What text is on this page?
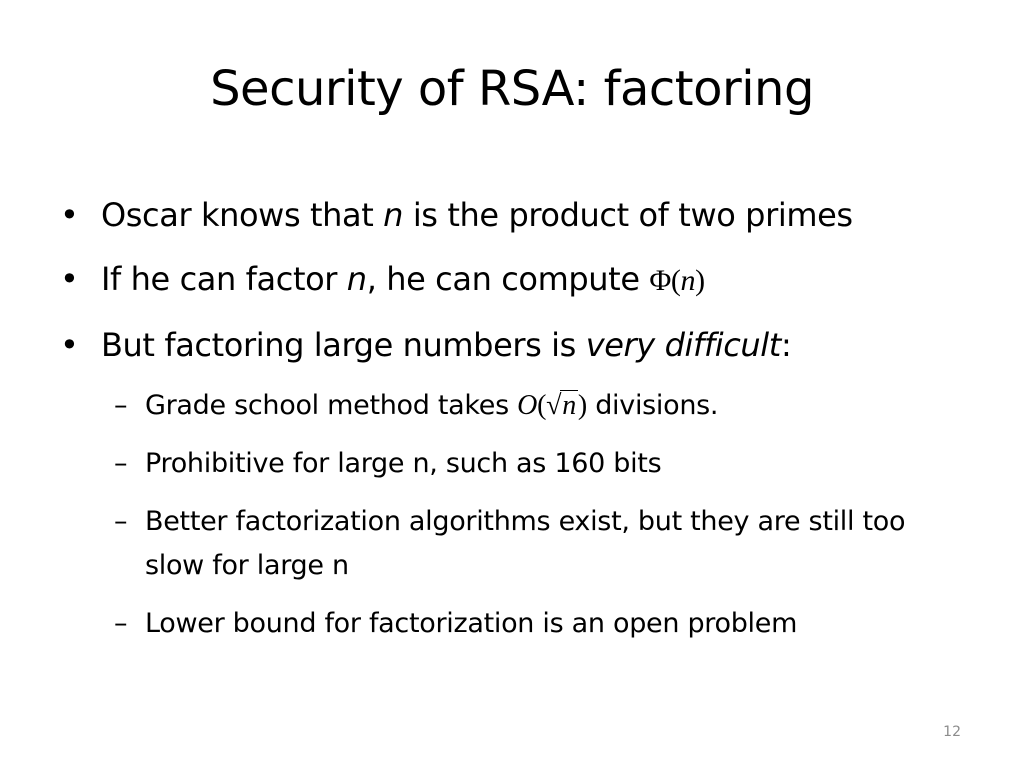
Security of RSA: factoring
• Oscar knows that n is the product of two primes
• If he can factor n, he can compute Φ(n)
• But factoring large numbers is very difficult:
– Grade school method takes O(√n) divisions.
– Prohibitive for large n, such as 160 bits
– Better factorization algorithms exist, but they are still too slow for large n
– Lower bound for factorization is an open problem
12
